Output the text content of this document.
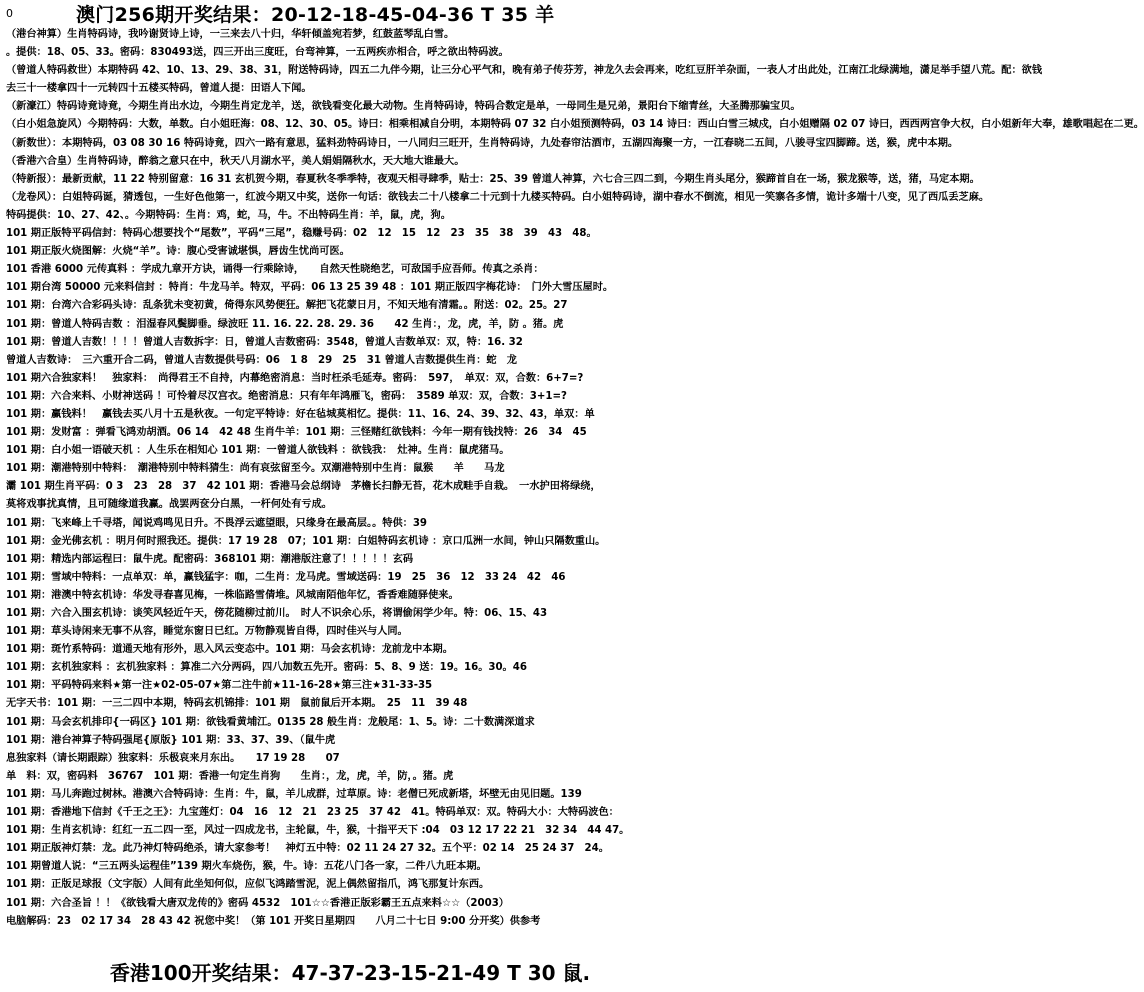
0	澳门256期开奖结果：20-12-18-45-04-36 T 35 羊
（港台神算）生肖特码诗，我吟谢贤诗上诗，一三来去八十归，华轩倾盖宛若梦，红鼓蓝琴乱白雪。
。提供：18、05、33。密码：830493送，四三开出三度旺，台弯神算，一五两疾赤相合，呼之欲出特码波。
（曾道人特码救世）本期特码 42、10、13、29、38、31，附送特码诗，四五二九伴今期，让三分心平气和，晚有弟子传芬芳，神龙久去会再来，吃红豆肝羊杂面，一表人才出此处，江南江北绿满地，潇足举手望八荒。配：欲钱
去三十一楼拿四十一元转四十五楼买特码，曾道人提：田语人下闻。
（新濠江）特码诗竟诗竟，今期生肖出水边，今期生肖定龙羊，送，欲钱看变化最大动物。生肖特码诗，特码合数定是单，一母同生是兄弟，景阳台下缩青丝，大圣腾那骗宝贝。
（白小姐急旋风）今期特码：大数，单数。白小姐旺海：08、12、30、05。诗曰：相乘相减自分明，本期特码 07 32 白小姐预测特码，03 14 诗曰：西山白雪三城戍，白小姐赠隔 02 07 诗曰，西西两宫争大权，白小姐新年大奉，雄歌唱起在二更。
（新数世）：本期特码，03 08 30 16 特码诗竟，四六一路有意思，猛料劲特码诗日，一八同归三旺开，生肖特码诗，九处春帘沽酒市，五湖四海聚一方，一江春晓二五间，八骏寻宝四脚蹄。送，猴，虎中本期。
（香港六合皇）生肖特码诗，醉翁之意只在中，秋天八月湖水平，美人娟娟隔秋水，天大地大谁最大。
（特新报）：最新贡献，11 22 特别留意：16 31 玄机贺今期，春夏秋冬季季特，夜观天相寻肆季，贴士：25、39 曾道人神算，六七合三四二到，今期生肖头尾分，猴蹄首自在一场，猴龙猴等，送，猪，马定本期。
（龙卷风）：白姐特码诞，猜透包，一生好色他第一，红波今期又中奖，送你一句话：欲钱去二十八楼拿二十元到十九楼买特码。白小姐特码诗，湖中春水不倒流，相见一笑寨各多情，诡计多端十八变，见了西瓜丢芝麻。
特码提供：10、27、42、。今期特码：生肖：鸡，蛇，马，牛。不出特码生肖：羊，鼠，虎，狗。
101 期正版特平码信封：特码心想要找个“尾数”，平码“三尾”，稳赚号码：02　12　15　12　23　35　38　39　43　48。
101 期正版火烧图解：火烧“羊”。诗：腹心受害诚堪惧，唇齿生忧尚可医。
101 香港 6000 元传真料 ：学成九章开方诀，诵得一行乘除诗，　　自然天性晓绝艺，可敌国手应吾师。传真之杀肖：
101 期台湾 50000 元来料信封 ：特肖：牛龙马羊。特双，平码：06 13 25 39 48 ：101 期正版四字梅花诗：　门外大雪压屋时。
101 期：台湾六合彩码头诗：乱条犹未变初黄，倚得东风势便狂。解把飞花蒙日月，不知天地有清霜。。附送：02。25。27
101 期：曾道人特码吉数 ：泪湿春风鬓脚垂。绿波旺 11. 16. 22. 28. 29. 36　　42 生肖：，龙，虎，羊，防 。猪。虎
101 期：曾道人吉数！！！！曾道人吉数拆字：日，曾道人吉数密码：3548，曾道人吉数单双：双，特：16. 32
曾道人吉数诗：　三六重开合二码，曾道人吉数提供号码：06　1 8　29　25　31 曾道人吉数提供生肖：蛇　龙
101 期六合独家料！　独家料：　尚得君王不自持，内幕绝密消息：当时枉杀毛延寿。密码：　597，　单双：双，合数：6+7=?
101 期：六合来料、小财神送码 ！可怜着尽汉宫衣。绝密消息：只有年年鸿雁飞，密码：　3589 单双：双，合数：3+1=?
101 期：赢钱料！　赢钱去买八月十五是秋夜。一句定平特诗：好在毡城莫相忆。提供：11、16、24、39、32、43，单双：单
101 期：发财富 ：弹看飞鸿劝胡酒。06 14　42 48 生肖牛羊：101 期：三怪赌红欲钱料：今年一期有钱找特：26　34　45
101 期：白小姐一语破天机 ：人生乐在相知心 101 期：一曾道人欲钱料 ：欲钱我：　灶神。生肖：鼠虎猪马。
101 期：潮港特别中特料：　潮港特别中特料猜生：尚有哀弦留至今。双潮港特别中生肖：鼠猴　　羊　　马龙
灞 101 期生肖平码：0 3　23　28　37　42 101 期：香港马会总纲诗　茅檐长扫静无苔，花木成畦手自栽。　一水护田将绿绕，
莫将戏事扰真情，且可随缘道我赢。战罢两奁分白黑，一杆何处有亏成。
101 期：飞来峰上千寻塔，闻说鸡鸣见日升。不畏浮云遮望眼，只缘身在最高层。。特供：39
101 期：金光佛玄机 ：明月何时照我还。提供：17 19 28　07；101 期：白姐特码玄机诗 ：京口瓜洲一水间，钟山只隔数重山。
101 期：精选内部运程曰：鼠牛虎。配密码：368101 期：潮港版注意了！！！！！玄码
101 期：雪域中特料：一点单双：单，赢钱猛字：咖，二生肖：龙马虎。雪域送码：19　25　36　12　33 24　42　46
101 期：港澳中特玄机诗：华发寻春喜见梅，一株临路雪倩堆。风城南陌他年忆，香香难随驿使来。
101 期：六合入围玄机诗：谈笑风轻近午天，傍花随柳过前川。　时人不识余心乐，将谓偷闲学少年。特：06、15、43
101 期：草头诗闲来无事不从容，睡觉东窗日已红。万物静观皆自得，四时佳兴与人同。
101 期：斑竹系特码：道通天地有形外，思入风云变态中。101 期：马会玄机诗：龙前龙中本期。
101 期：玄机独家料 ：玄机独家料 ：算准二六分两码，四八加数五先开。密码：5、8、9 送：19。16。30。46
101 期：平码特码来料★第一注★02-05-07★第二注牛前★11-16-28★第三注★31-33-35
无字天书：101 期：一三二四中本期，特码玄机锦排：101 期　鼠前鼠后开本期。　25　11　39 48
101 期：马会玄机排印{一码区} 101 期：欲钱看黄埔江。0135 28 般生肖：龙般尾：1、5。诗：二十数满深道求
101 期：港台神算子特码强尾{原版} 101 期：33、37、39、（鼠牛虎
息独家料（请长期跟踪）独家料：乐极哀来月东出。　　17 19 28　　07
单　料：双，密码料　36767　101 期：香港一句定生肖狗　　生肖：，龙，虎，羊，防，。猪。虎
101 期：马儿奔跑过树林。港澳六合特码诗：生肖：牛，鼠，羊儿成群，过草原。诗：老僧已死成新塔，坏壁无由见旧题。139
101 期：香港地下信封《千王之王》：九宝莲灯：04　16　12　21　23 25　37 42　41。特码单双：双。特码大小：大特码波色：
101 期：生肖玄机诗：红红一五二四一至，风过一四成龙书，主轮鼠，牛，猴，十指平天下 :04　03 12 17 22 21　32 34　44 47。
101 期正版神灯禁：龙。此乃神灯特码绝杀，请大家参考！　神灯五中特：02 11 24 27 32。五个平：02 14　25 24 37　24。
101 期曾道人说：“三五两头运程佳”139 期火车烧伤，猴，牛。诗：五花八门各一家，二件八九旺本期。
101 期：正版足球报（文字版）人间有此坐知何似，应似飞鸿踏雪泥，泥上偶然留指爪，鸿飞那复计东西。
101 期：六合圣旨 ！！《欲钱看大唐双龙传的》密码 4532　101☆☆香港正版彩霸王五点来料☆☆（2003）
电脑解码：23　02 17 34　28 43 42 祝您中奖！（第 101 开奖日星期四　　八月二十七日 9:00 分开奖）供参考
香港100开奖结果：47-37-23-15-21-49 T 30 鼠.
